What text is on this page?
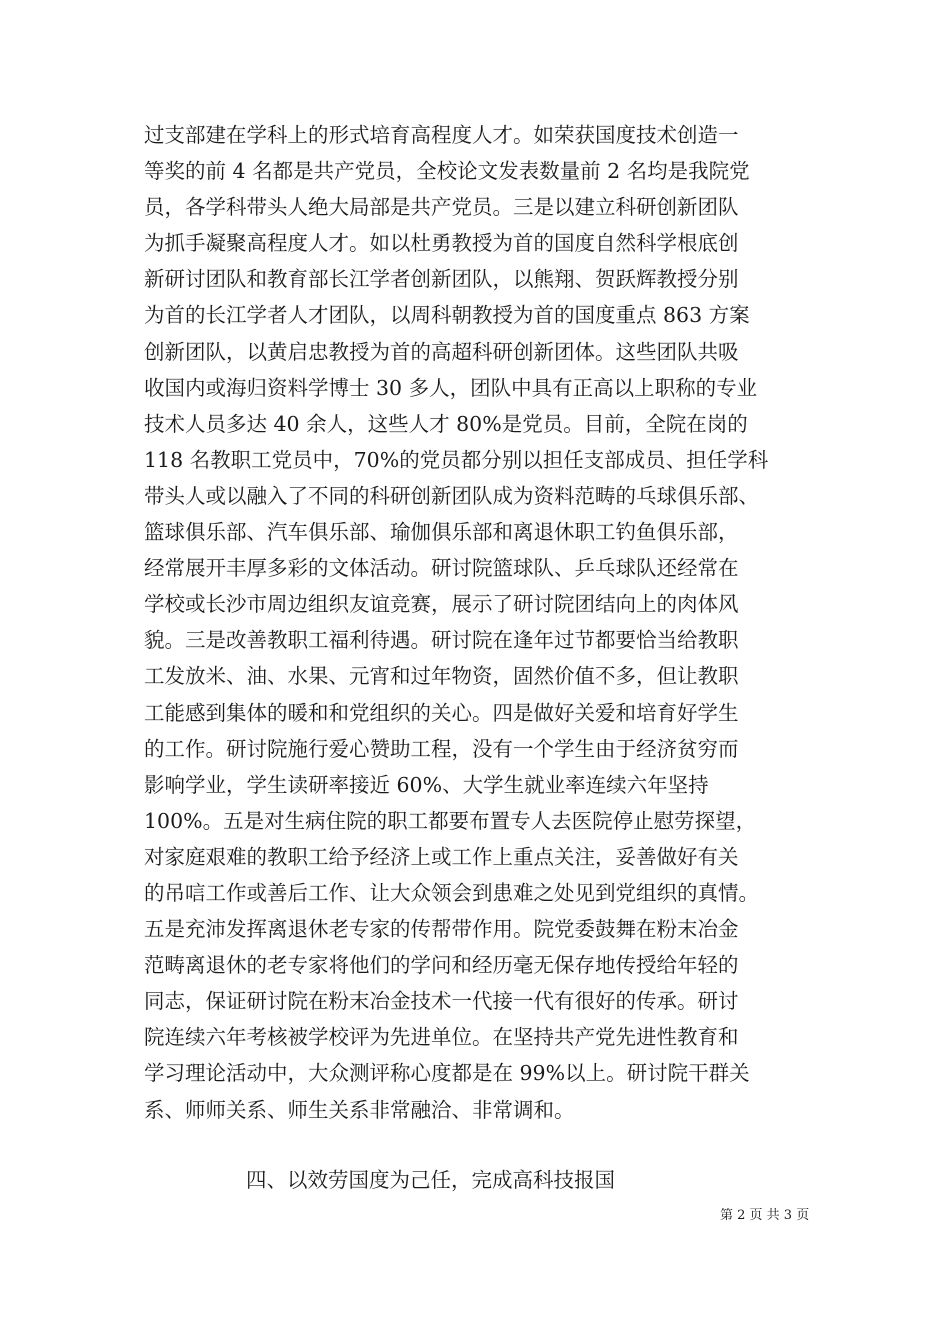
过支部建在学科上的形式培育高程度人才。如荣获国度技术创造一
等奖的前 4 名都是共产党员，全校论文发表数量前 2 名均是我院党
员，各学科带头人绝大局部是共产党员。三是以建立科研创新团队
为抓手凝聚高程度人才。如以杜勇教授为首的国度自然科学根底创
新研讨团队和教育部长江学者创新团队，以熊翔、贺跃辉教授分别
为首的长江学者人才团队，以周科朝教授为首的国度重点 863 方案
创新团队，以黄启忠教授为首的高超科研创新团体。这些团队共吸
收国内或海归资料学博士 30 多人，团队中具有正高以上职称的专业
技术人员多达 40 余人，这些人才 80%是党员。目前，全院在岗的
118 名教职工党员中，70%的党员都分别以担任支部成员、担任学科
带头人或以融入了不同的科研创新团队成为资料范畴的乓球俱乐部、
篮球俱乐部、汽车俱乐部、瑜伽俱乐部和离退休职工钓鱼俱乐部，
经常展开丰厚多彩的文体活动。研讨院篮球队、乒乓球队还经常在
学校或长沙市周边组织友谊竞赛，展示了研讨院团结向上的肉体风
貌。三是改善教职工福利待遇。研讨院在逢年过节都要恰当给教职
工发放米、油、水果、元宵和过年物资，固然价值不多，但让教职
工能感到集体的暖和和党组织的关心。四是做好关爱和培育好学生
的工作。研讨院施行爱心赞助工程，没有一个学生由于经济贫穷而
影响学业，学生读研率接近 60%、大学生就业率连续六年坚持
100%。五是对生病住院的职工都要布置专人去医院停止慰劳探望，
对家庭艰难的教职工给予经济上或工作上重点关注，妥善做好有关
的吊唁工作或善后工作、让大众领会到患难之处见到党组织的真情。
五是充沛发挥离退休老专家的传帮带作用。院党委鼓舞在粉末冶金
范畴离退休的老专家将他们的学问和经历毫无保存地传授给年轻的
同志，保证研讨院在粉末冶金技术一代接一代有很好的传承。研讨
院连续六年考核被学校评为先进单位。在坚持共产党先进性教育和
学习理论活动中，大众测评称心度都是在 99%以上。研讨院干群关
系、师师关系、师生关系非常融洽、非常调和。
四、以效劳国度为己任，完成高科技报国
第 2 页 共 3 页
